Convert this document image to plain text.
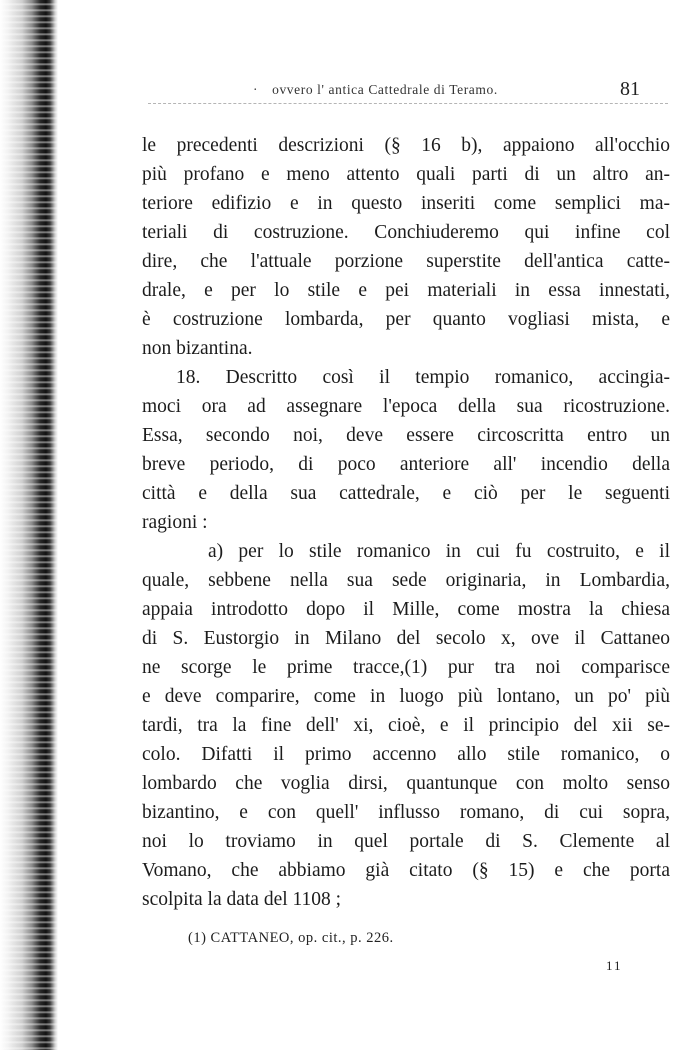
· ovvero l' antica Cattedrale di Teramo.	81
le precedenti descrizioni (§ 16 b), appaiono all'occhio
più profano e meno attento quali parti di un altro an-
teriore edifizio e in questo inseriti come semplici ma-
teriali di costruzione. Conchiuderemo qui infine col
dire, che l'attuale porzione superstite dell'antica catte-
drale, e per lo stile e pei materiali in essa innestati,
è costruzione lombarda, per quanto vogliasi mista, e
non bizantina.
18. Descritto così il tempio romanico, accingia-
moci ora ad assegnare l'epoca della sua ricostruzione.
Essa, secondo noi, deve essere circoscritta entro un
breve periodo, di poco anteriore all' incendio della
città e della sua cattedrale, e ciò per le seguenti
ragioni :
a) per lo stile romanico in cui fu costruito, e il
quale, sebbene nella sua sede originaria, in Lombardia,
appaia introdotto dopo il Mille, come mostra la chiesa
di S. Eustorgio in Milano del secolo x, ove il Cattaneo
ne scorge le prime tracce,(1) pur tra noi comparisce
e deve comparire, come in luogo più lontano, un po' più
tardi, tra la fine dell' xi, cioè, e il principio del xii se-
colo. Difatti il primo accenno allo stile romanico, o
lombardo che voglia dirsi, quantunque con molto senso
bizantino, e con quell' influsso romano, di cui sopra,
noi lo troviamo in quel portale di S. Clemente al
Vomano, che abbiamo già citato (§ 15) e che porta
scolpita la data del 1108 ;
(1) CATTANEO, op. cit., p. 226.
11
